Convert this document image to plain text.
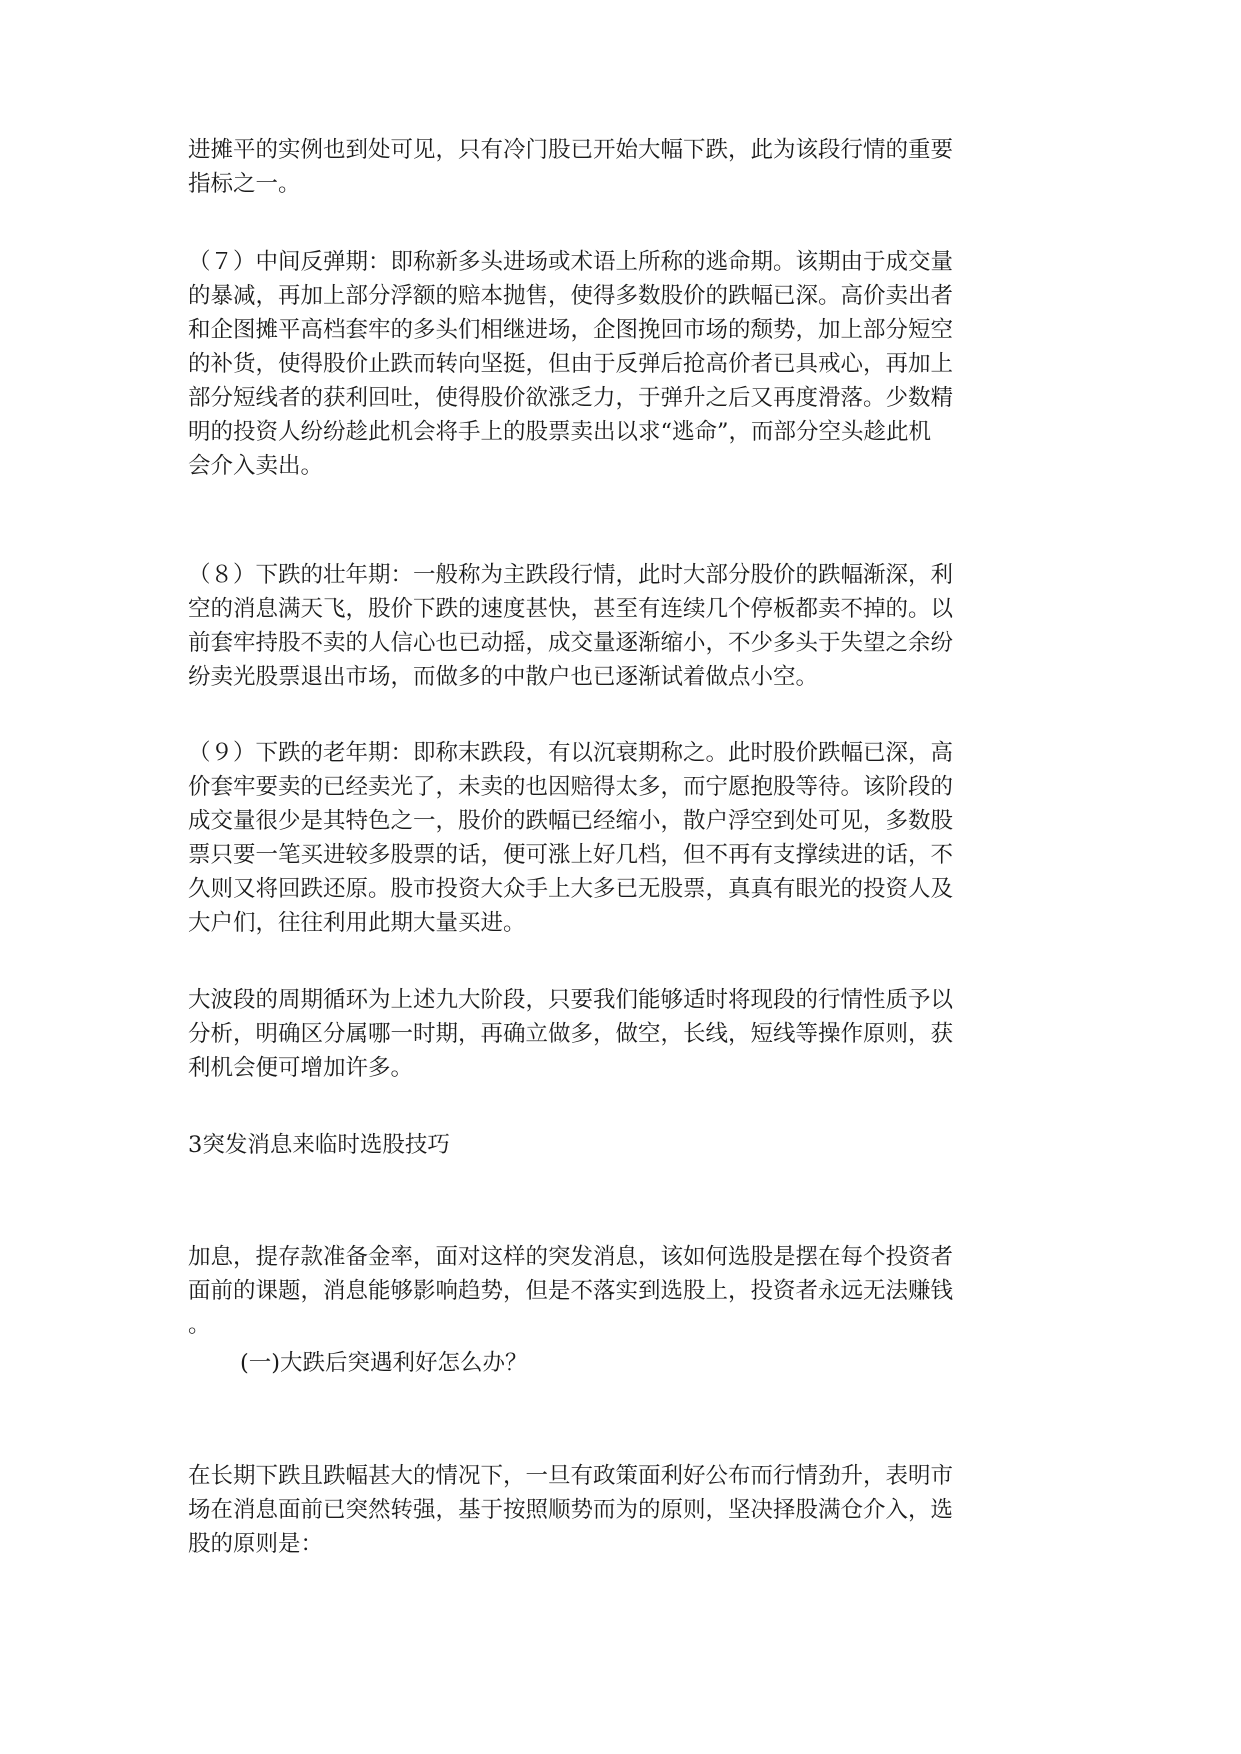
进摊平的实例也到处可见，只有冷门股已开始大幅下跌，此为该段行情的重要
指标之一。

（７）中间反弹期：即称新多头进场或术语上所称的逃命期。该期由于成交量
的暴减，再加上部分浮额的赔本抛售，使得多数股价的跌幅已深。高价卖出者
和企图摊平高档套牢的多头们相继进场，企图挽回市场的颓势，加上部分短空
的补货，使得股价止跌而转向坚挺，但由于反弹后抢高价者已具戒心，再加上
部分短线者的获利回吐，使得股价欲涨乏力，于弹升之后又再度滑落。少数精
明的投资人纷纷趁此机会将手上的股票卖出以求“逃命”，而部分空头趁此机
会介入卖出。

（８）下跌的壮年期：一般称为主跌段行情，此时大部分股价的跌幅渐深，利
空的消息满天飞，股价下跌的速度甚快，甚至有连续几个停板都卖不掉的。以
前套牢持股不卖的人信心也已动摇，成交量逐渐缩小，不少多头于失望之余纷
纷卖光股票退出市场，而做多的中散户也已逐渐试着做点小空。

（９）下跌的老年期：即称末跌段，有以沉衰期称之。此时股价跌幅已深，高
价套牢要卖的已经卖光了，未卖的也因赔得太多，而宁愿抱股等待。该阶段的
成交量很少是其特色之一，股价的跌幅已经缩小，散户浮空到处可见，多数股
票只要一笔买进较多股票的话，便可涨上好几档，但不再有支撑续进的话，不
久则又将回跌还原。股市投资大众手上大多已无股票，真真有眼光的投资人及
大户们，往往利用此期大量买进。

大波段的周期循环为上述九大阶段，只要我们能够适时将现段的行情性质予以
分析，明确区分属哪一时期，再确立做多，做空，长线，短线等操作原则，获
利机会便可增加许多。

3突发消息来临时选股技巧

加息，提存款准备金率，面对这样的突发消息，该如何选股是摆在每个投资者
面前的课题，消息能够影响趋势，但是不落实到选股上，投资者永远无法赚钱
。

(一)大跌后突遇利好怎么办？

在长期下跌且跌幅甚大的情况下，一旦有政策面利好公布而行情劲升，表明市
场在消息面前已突然转强，基于按照顺势而为的原则，坚决择股满仓介入，选
股的原则是：
